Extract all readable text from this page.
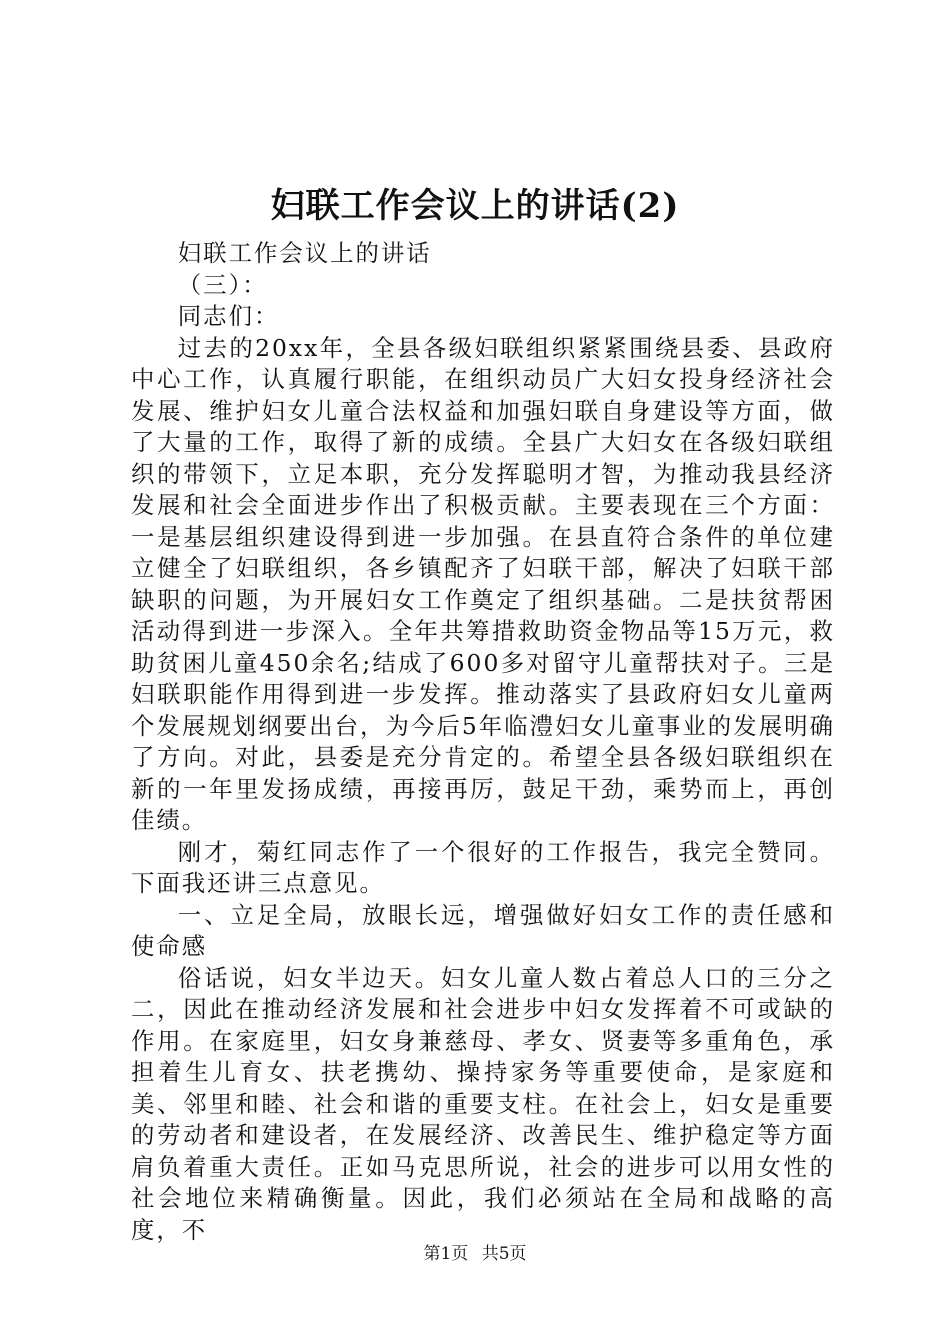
妇联工作会议上的讲话(2)

妇联工作会议上的讲话

（三）：

同志们：

过去的20xx年，全县各级妇联组织紧紧围绕县委、县政府中心工作，认真履行职能，在组织动员广大妇女投身经济社会发展、维护妇女儿童合法权益和加强妇联自身建设等方面，做了大量的工作，取得了新的成绩。全县广大妇女在各级妇联组织的带领下，立足本职，充分发挥聪明才智，为推动我县经济发展和社会全面进步作出了积极贡献。主要表现在三个方面：一是基层组织建设得到进一步加强。在县直符合条件的单位建立健全了妇联组织，各乡镇配齐了妇联干部，解决了妇联干部缺职的问题，为开展妇女工作奠定了组织基础。二是扶贫帮困活动得到进一步深入。全年共筹措救助资金物品等15万元，救助贫困儿童450余名;结成了600多对留守儿童帮扶对子。三是妇联职能作用得到进一步发挥。推动落实了县政府妇女儿童两个发展规划纲要出台，为今后5年临澧妇女儿童事业的发展明确了方向。对此，县委是充分肯定的。希望全县各级妇联组织在新的一年里发扬成绩，再接再厉，鼓足干劲，乘势而上，再创佳绩。

刚才，菊红同志作了一个很好的工作报告，我完全赞同。下面我还讲三点意见。

一、立足全局，放眼长远，增强做好妇女工作的责任感和使命感

俗话说，妇女半边天。妇女儿童人数占着总人口的三分之二，因此在推动经济发展和社会进步中妇女发挥着不可或缺的作用。在家庭里，妇女身兼慈母、孝女、贤妻等多重角色，承担着生儿育女、扶老携幼、操持家务等重要使命，是家庭和美、邻里和睦、社会和谐的重要支柱。在社会上，妇女是重要的劳动者和建设者，在发展经济、改善民生、维护稳定等方面肩负着重大责任。正如马克思所说，社会的进步可以用女性的社会地位来精确衡量。因此，我们必须站在全局和战略的高度，不

第1页 共5页
